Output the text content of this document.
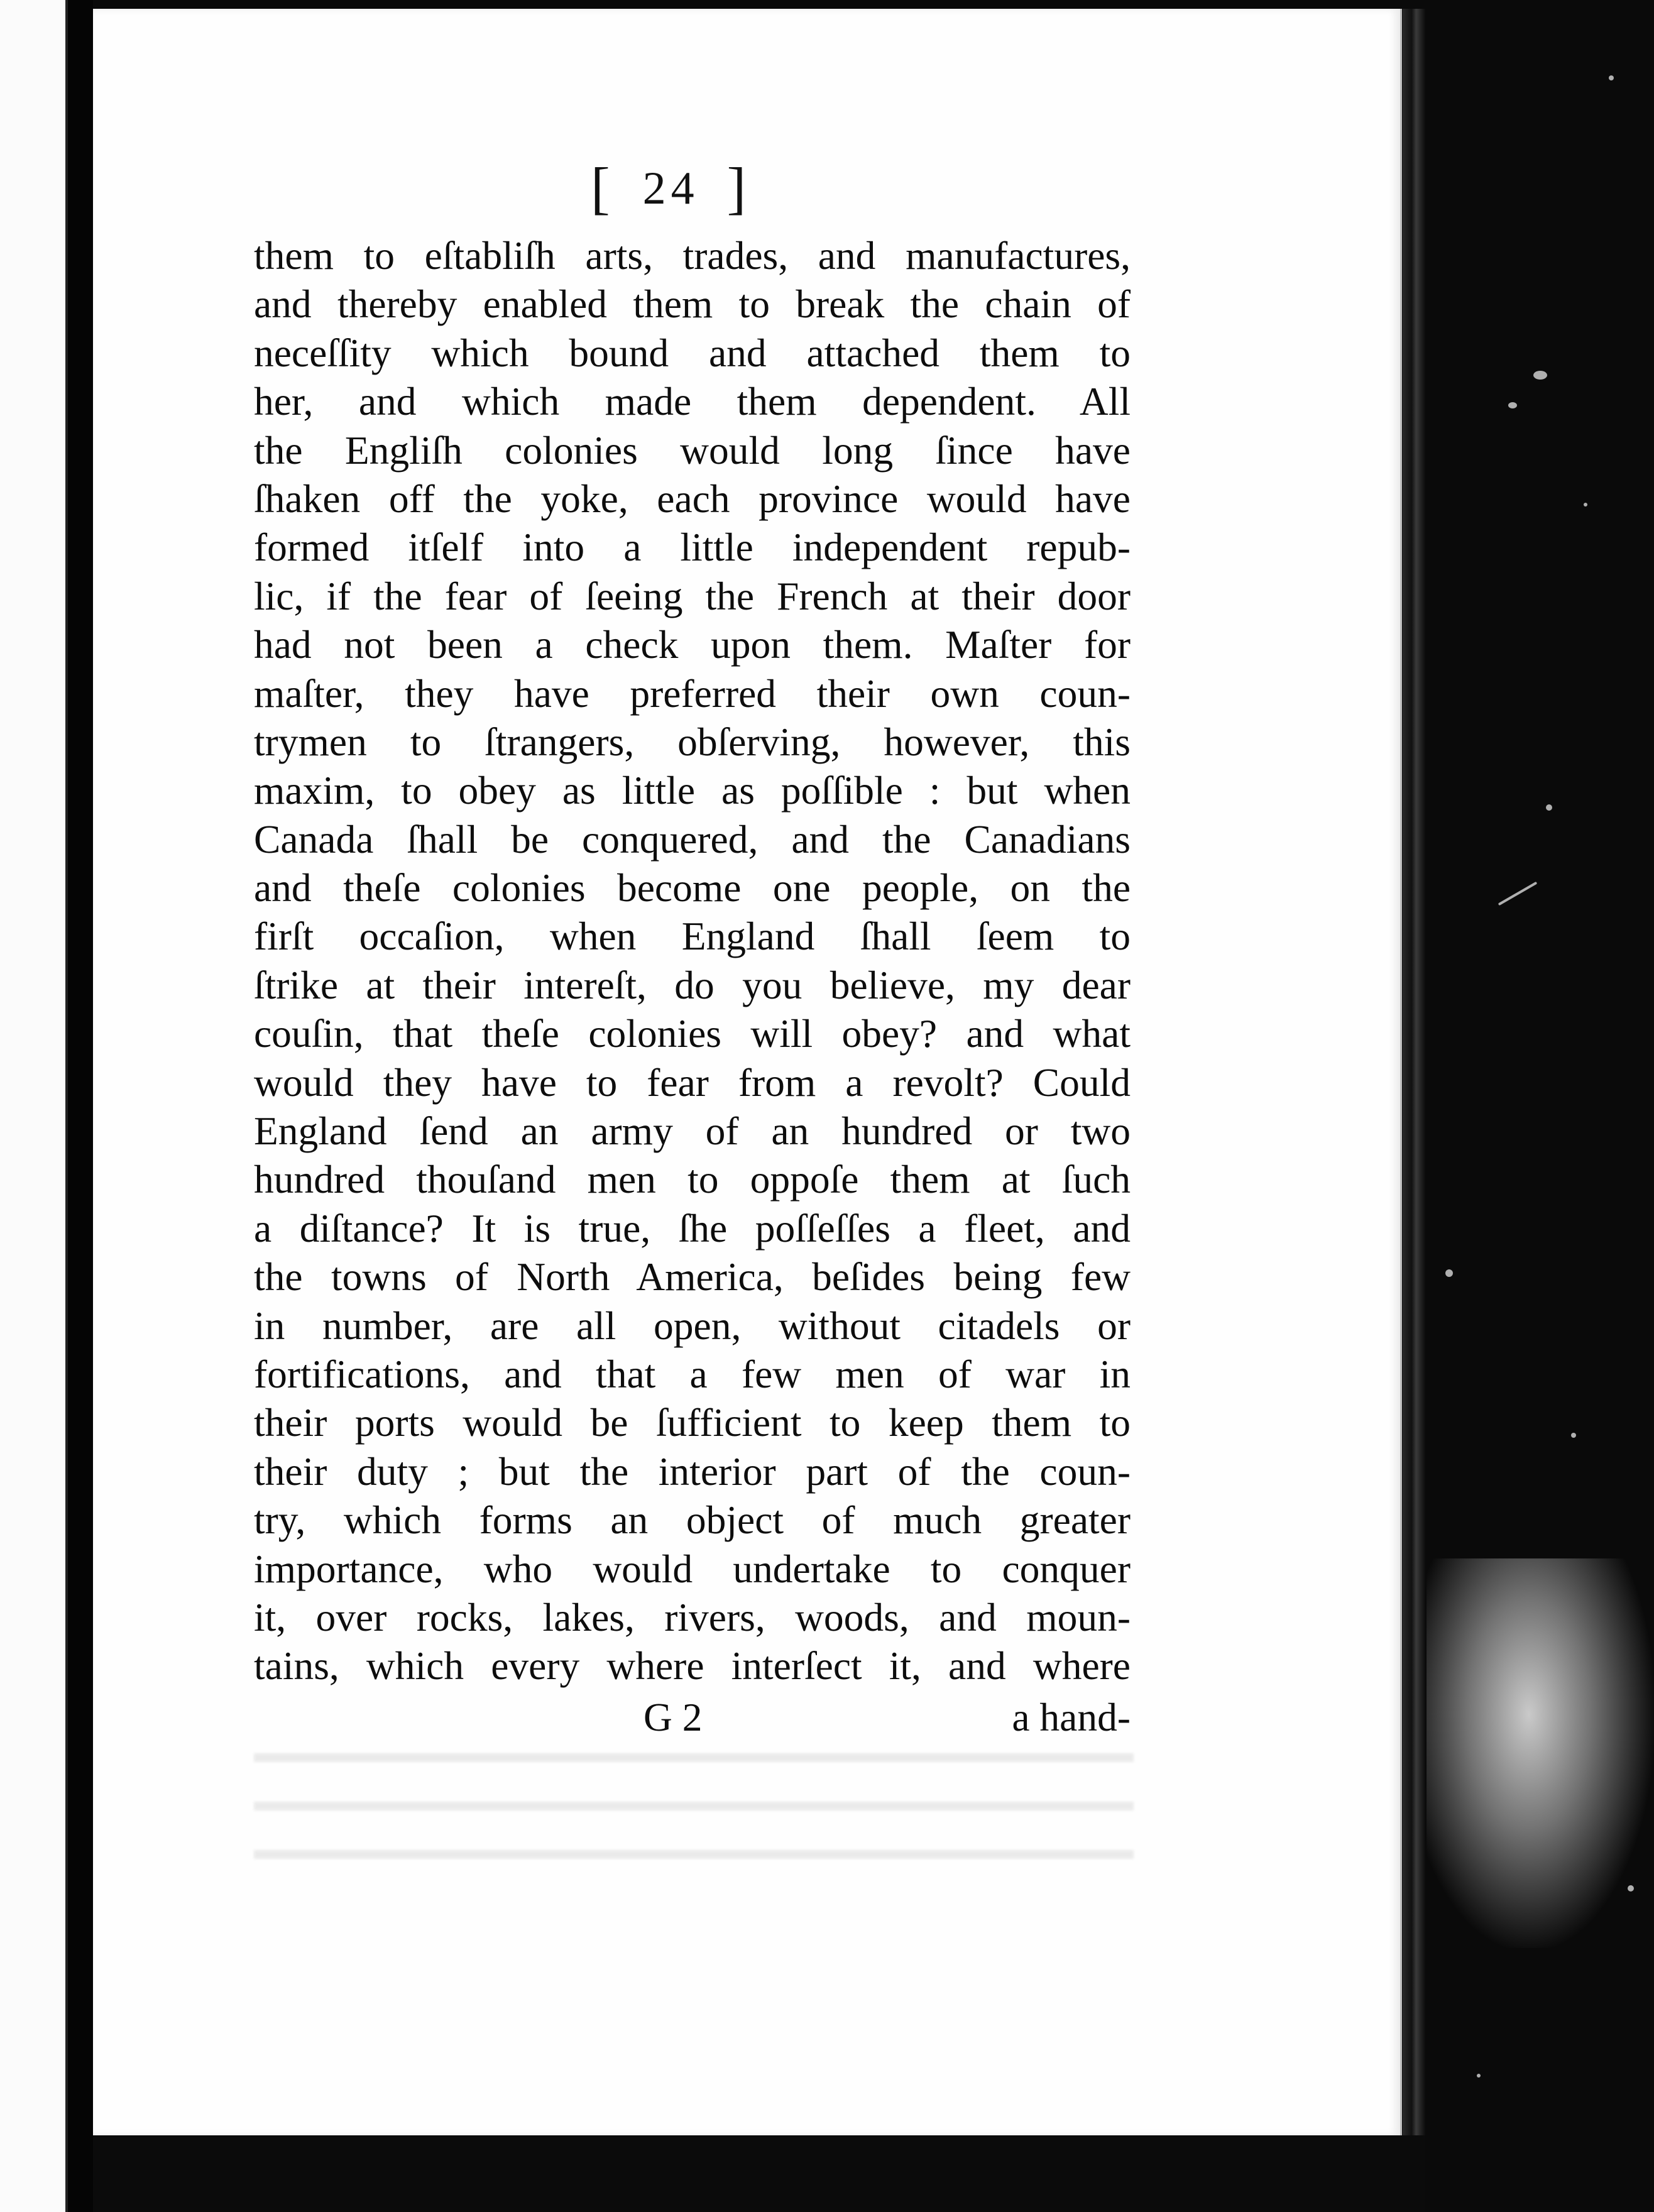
[ 24 ]
them to eſtabliſh arts, trades, and manufactures,
and thereby enabled them to break the chain of
neceſſity which bound and attached them to
her, and which made them dependent. All
the Engliſh colonies would long ſince have
ſhaken off the yoke, each province would have
formed itſelf into a little independent repub-
lic, if the fear of ſeeing the French at their door
had not been a check upon them. Maſter for
maſter, they have preferred their own coun-
trymen to ſtrangers, obſerving, however, this
maxim, to obey as little as poſſible : but when
Canada ſhall be conquered, and the Canadians
and theſe colonies become one people, on the
firſt occaſion, when England ſhall ſeem to
ſtrike at their intereſt, do you believe, my dear
couſin, that theſe colonies will obey? and what
would they have to fear from a revolt? Could
England ſend an army of an hundred or two
hundred thouſand men to oppoſe them at ſuch
a diſtance? It is true, ſhe poſſeſſes a fleet, and
the towns of North America, beſides being few
in number, are all open, without citadels or
fortifications, and that a few men of war in
their ports would be ſufficient to keep them to
their duty ; but the interior part of the coun-
try, which forms an object of much greater
importance, who would undertake to conquer
it, over rocks, lakes, rivers, woods, and moun-
tains, which every where interſect it, and where
G 2	a hand-
